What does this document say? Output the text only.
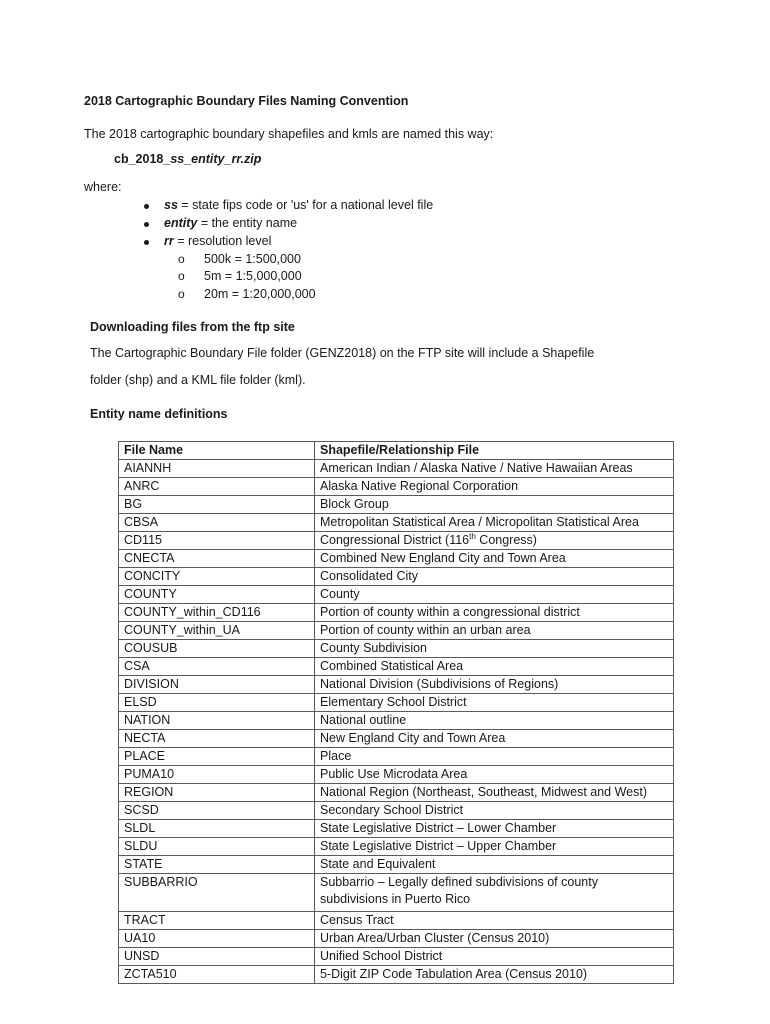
2018 Cartographic Boundary Files Naming Convention
The 2018 cartographic boundary shapefiles and kmls are named this way:
cb_2018_ss_entity_rr.zip
where:
ss = state fips code or 'us' for a national level file
entity = the entity name
rr = resolution level
o 500k = 1:500,000
o 5m = 1:5,000,000
o 20m = 1:20,000,000
Downloading files from the ftp site
The Cartographic Boundary File folder (GENZ2018) on the FTP site will include a Shapefile
folder (shp) and a KML file folder (kml).
Entity name definitions
File Name	Shapefile/Relationship File
AIANNH	American Indian / Alaska Native / Native Hawaiian Areas
ANRC	Alaska Native Regional Corporation
BG	Block Group
CBSA	Metropolitan Statistical Area / Micropolitan Statistical Area
CD115	Congressional District (116th Congress)
CNECTA	Combined New England City and Town Area
CONCITY	Consolidated City
COUNTY	County
COUNTY_within_CD116	Portion of county within a congressional district
COUNTY_within_UA	Portion of county within an urban area
COUSUB	County Subdivision
CSA	Combined Statistical Area
DIVISION	National Division (Subdivisions of Regions)
ELSD	Elementary School District
NATION	National outline
NECTA	New England City and Town Area
PLACE	Place
PUMA10	Public Use Microdata Area
REGION	National Region (Northeast, Southeast, Midwest and West)
SCSD	Secondary School District
SLDL	State Legislative District – Lower Chamber
SLDU	State Legislative District – Upper Chamber
STATE	State and Equivalent
SUBBARRIO	Subbarrio – Legally defined subdivisions of county subdivisions in Puerto Rico
TRACT	Census Tract
UA10	Urban Area/Urban Cluster (Census 2010)
UNSD	Unified School District
ZCTA510	5-Digit ZIP Code Tabulation Area (Census 2010)
